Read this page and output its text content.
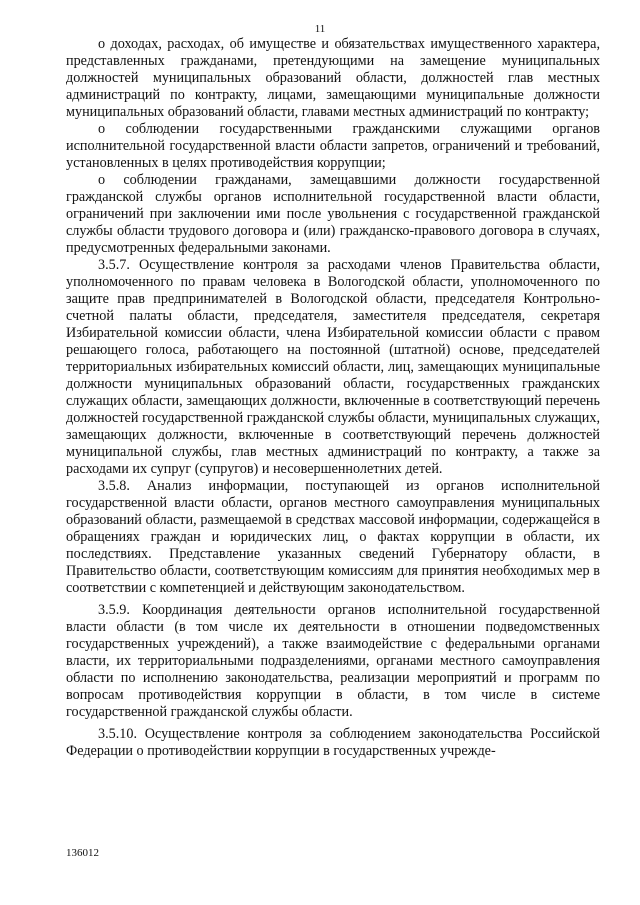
11

о доходах, расходах, об имуществе и обязательствах имущественного характера, представленных гражданами, претендующими на замещение муниципальных должностей муниципальных образований области, должностей глав местных администраций по контракту, лицами, замещающими муниципальные должности муниципальных образований области, главами местных администраций по контракту;

о соблюдении государственными гражданскими служащими органов исполнительной государственной власти области запретов, ограничений и требований, установленных в целях противодействия коррупции;

о соблюдении гражданами, замещавшими должности государственной гражданской службы органов исполнительной государственной власти области, ограничений при заключении ими после увольнения с государственной гражданской службы области трудового договора и (или) гражданско-правового договора в случаях, предусмотренных федеральными законами.

3.5.7. Осуществление контроля за расходами членов Правительства области, уполномоченного по правам человека в Вологодской области, уполномоченного по защите прав предпринимателей в Вологодской области, председателя Контрольно-счетной палаты области, председателя, заместителя председателя, секретаря Избирательной комиссии области, члена Избирательной комиссии области с правом решающего голоса, работающего на постоянной (штатной) основе, председателей территориальных избирательных комиссий области, лиц, замещающих муниципальные должности муниципальных образований области, государственных гражданских служащих области, замещающих должности, включенные в соответствующий перечень должностей государственной гражданской службы области, муниципальных служащих, замещающих должности, включенные в соответствующий перечень должностей муниципальной службы, глав местных администраций по контракту, а также за расходами их супруг (супругов) и несовершеннолетних детей.

3.5.8. Анализ информации, поступающей из органов исполнительной государственной власти области, органов местного самоуправления муниципальных образований области, размещаемой в средствах массовой информации, содержащейся в обращениях граждан и юридических лиц, о фактах коррупции в области, их последствиях. Представление указанных сведений Губернатору области, в Правительство области, соответствующим комиссиям для принятия необходимых мер в соответствии с компетенцией и действующим законодательством.

3.5.9. Координация деятельности органов исполнительной государственной власти области (в том числе их деятельности в отношении подведомственных государственных учреждений), а также взаимодействие с федеральными органами власти, их территориальными подразделениями, органами местного самоуправления области по исполнению законодательства, реализации мероприятий и программ по вопросам противодействия коррупции в области, в том числе в системе государственной гражданской службы области.

3.5.10. Осуществление контроля за соблюдением законодательства Российской Федерации о противодействии коррупции в государственных учрежде-

136012
